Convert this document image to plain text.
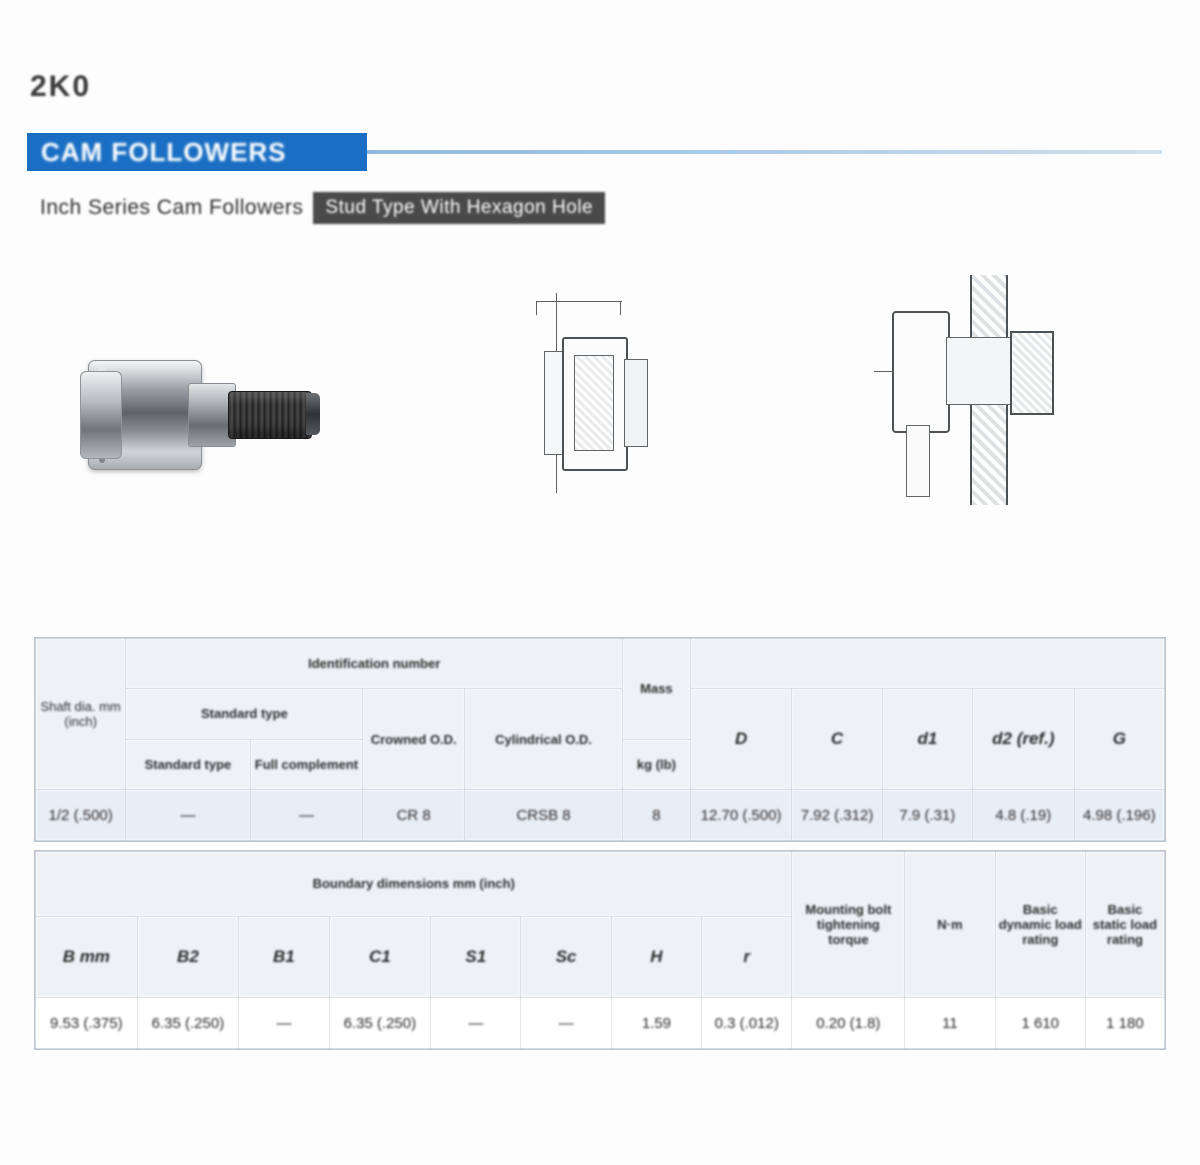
2K0
CAM FOLLOWERS
Inch Series Cam Followers	Stud Type With Hexagon Hole
Shaft dia. mm (inch)	Identification number				Mass					
	Standard type		Crowned O.D.	Cylindrical O.D.		D	C	d1	d2 (ref.)	G
	Standard type	Full complement			kg (lb)					
1/2 (.500)	—	—	CR 8	CRSB 8	8	12.70 (.500)	7.92 (.312)	7.9 (.31)	4.8 (.19)	4.98 (.196)
Boundary dimensions mm (inch)								Mounting bolt tightening torque	N·m	Basic dynamic load rating	Basic static load rating
B mm	B2	B1	C1	S1	Sc	H	r				
9.53 (.375)	6.35 (.250)	—	6.35 (.250)	—	—	1.59	0.3 (.012)	0.20 (1.8)	11	1 610	1 180
